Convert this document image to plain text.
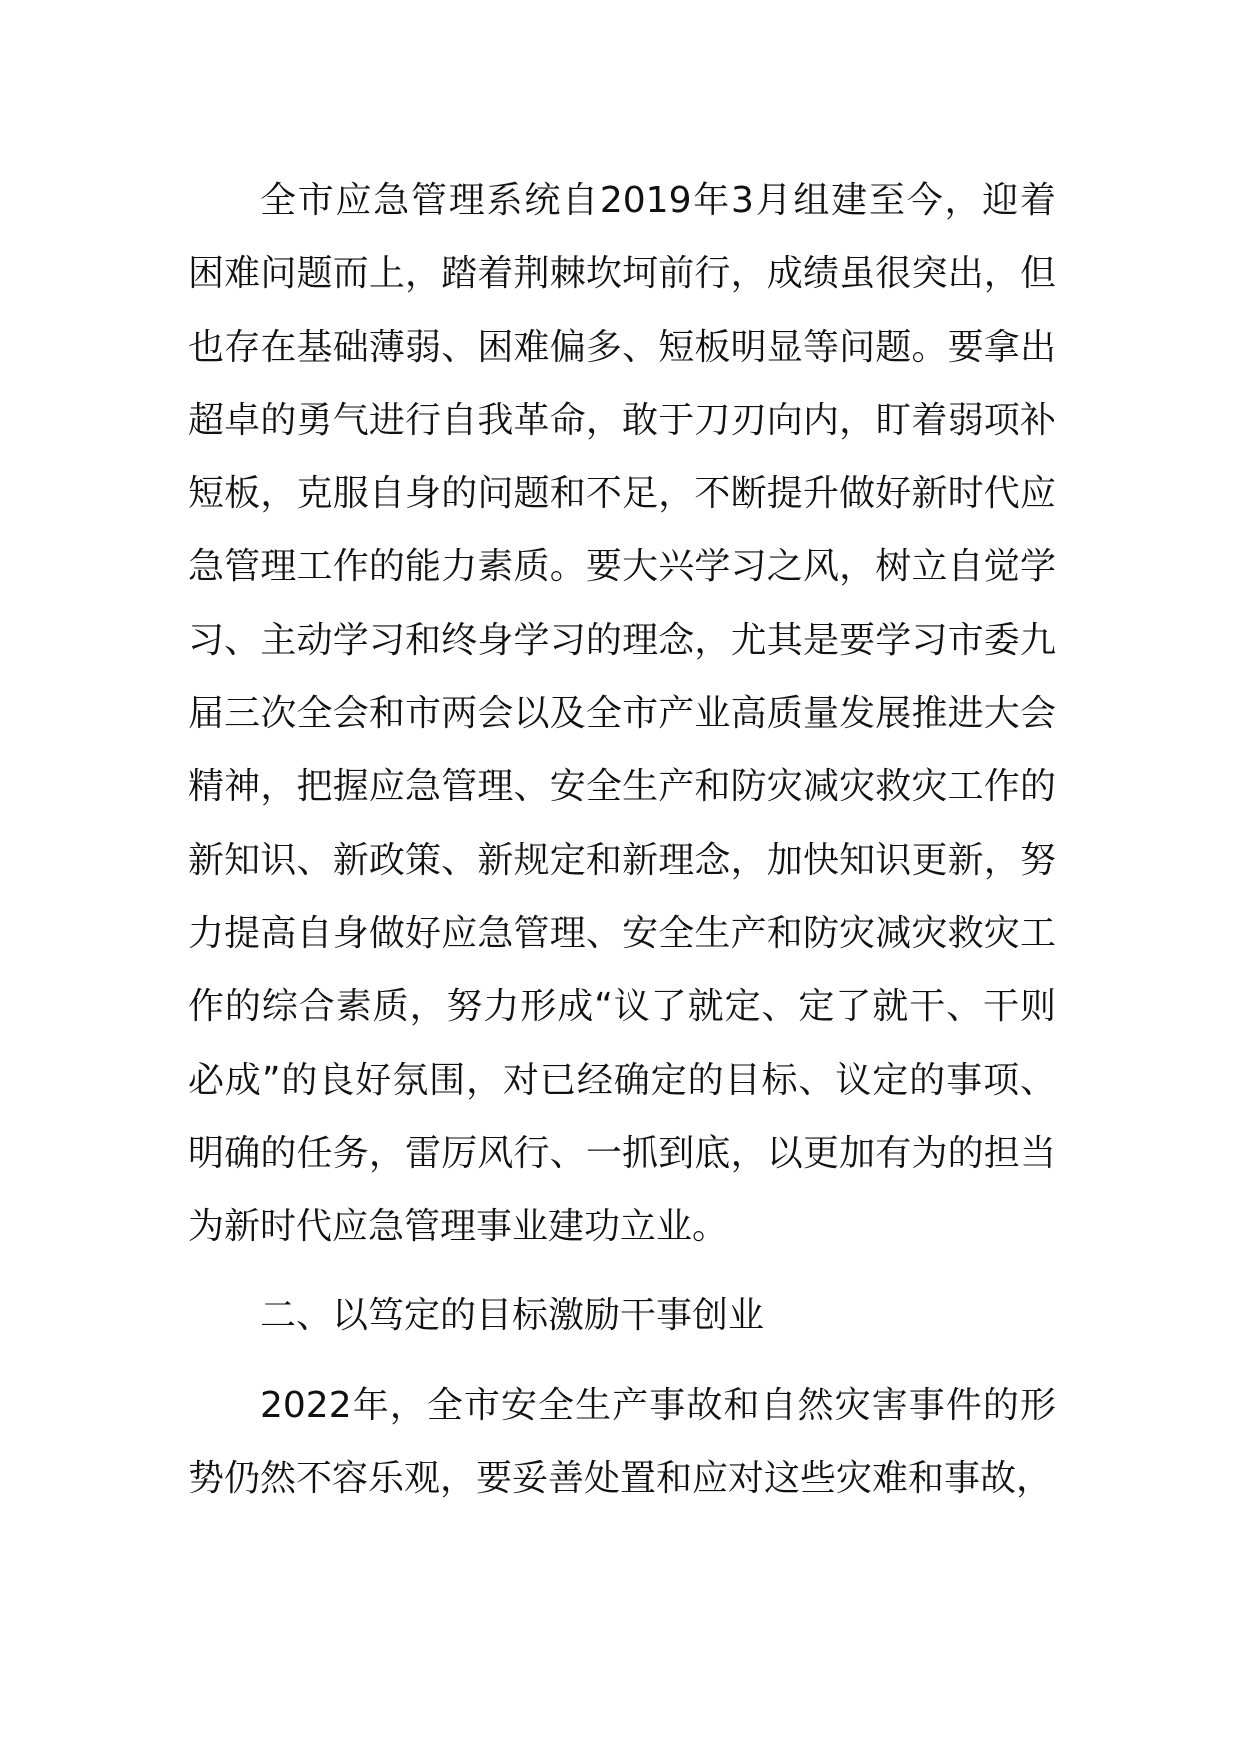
全市应急管理系统自2019年3月组建至今，迎着困难问题而上，踏着荆棘坎坷前行，成绩虽很突出，但也存在基础薄弱、困难偏多、短板明显等问题。要拿出超卓的勇气进行自我革命，敢于刀刃向内，盯着弱项补短板，克服自身的问题和不足，不断提升做好新时代应急管理工作的能力素质。要大兴学习之风，树立自觉学习、主动学习和终身学习的理念，尤其是要学习市委九届三次全会和市两会以及全市产业高质量发展推进大会精神，把握应急管理、安全生产和防灾减灾救灾工作的新知识、新政策、新规定和新理念，加快知识更新，努力提高自身做好应急管理、安全生产和防灾减灾救灾工作的综合素质，努力形成“议了就定、定了就干、干则必成”的良好氛围，对已经确定的目标、议定的事项、明确的任务，雷厉风行、一抓到底，以更加有为的担当为新时代应急管理事业建功立业。

二、以笃定的目标激励干事创业

2022年，全市安全生产事故和自然灾害事件的形势仍然不容乐观，要妥善处置和应对这些灾难和事故，
